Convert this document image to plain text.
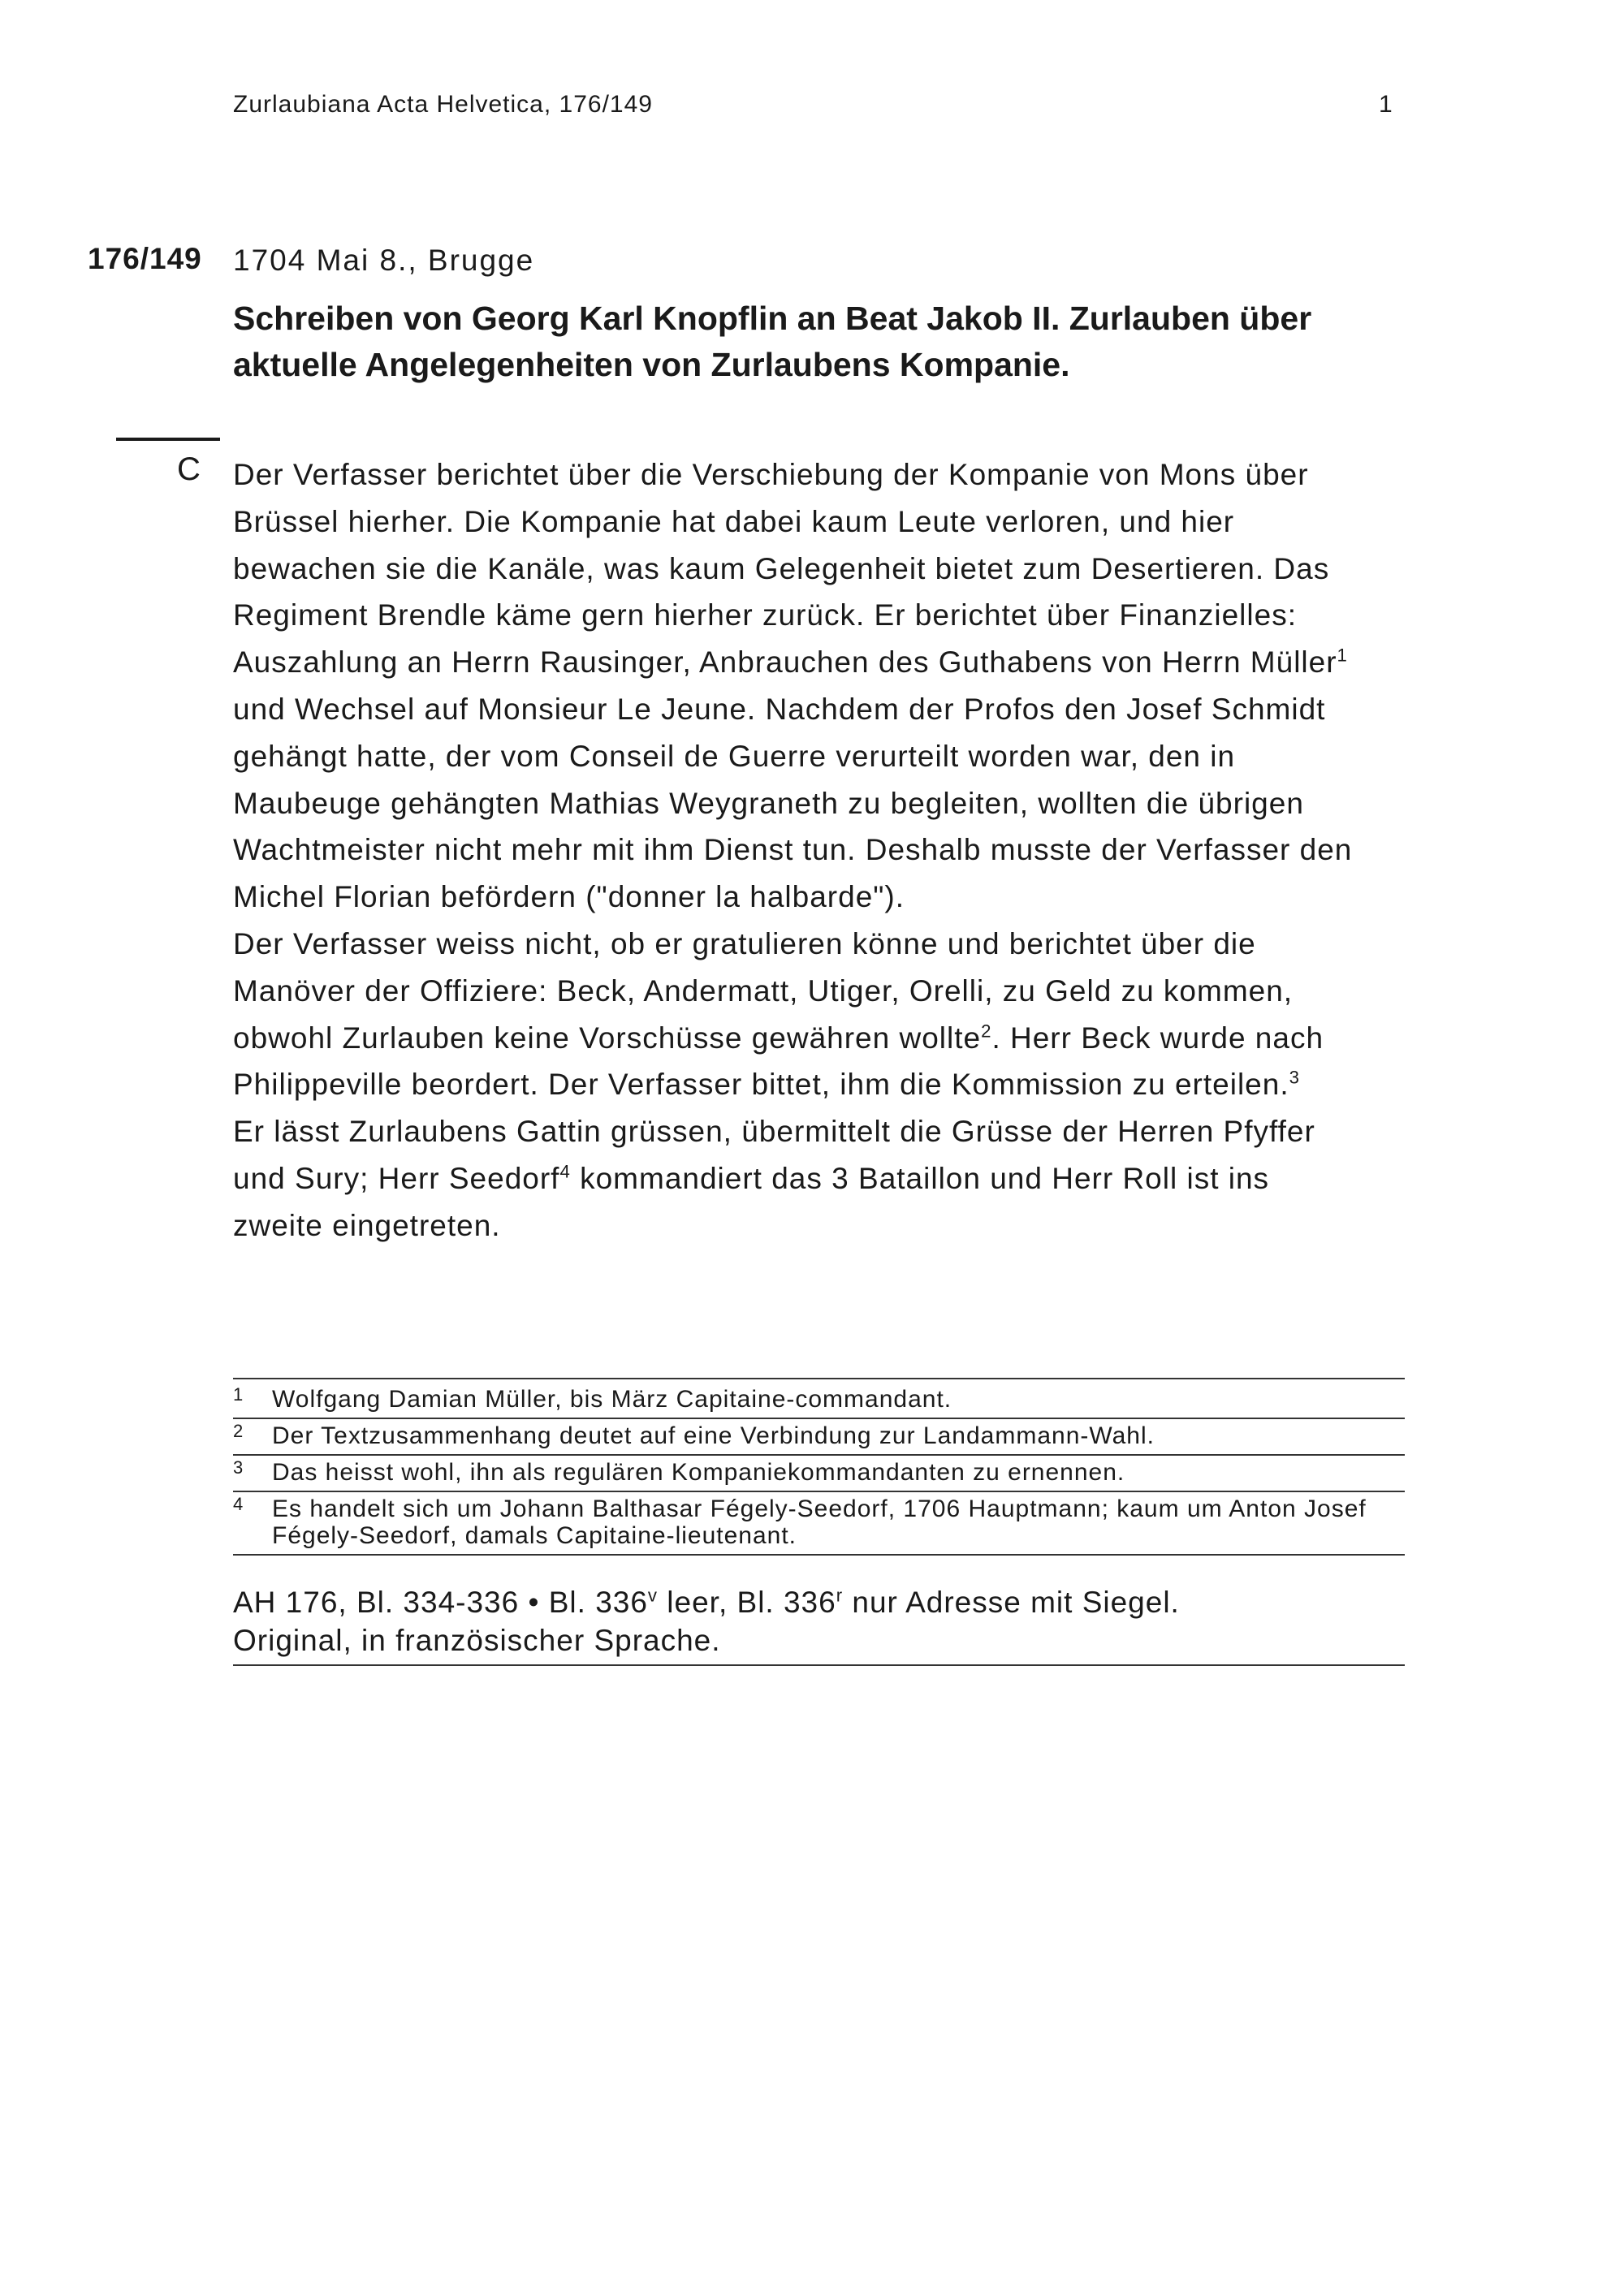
Zurlaubiana Acta Helvetica, 176/149	1
176/149 1704 Mai 8., Brugge
Schreiben von Georg Karl Knopflin an Beat Jakob II. Zurlauben über
aktuelle Angelegenheiten von Zurlaubens Kompanie.
C Der Verfasser berichtet über die Verschiebung der Kompanie von Mons über

Brüssel hierher. Die Kompanie hat dabei kaum Leute verloren, und hier

bewachen sie die Kanäle, was kaum Gelegenheit bietet zum Desertieren. Das

Regiment Brendle käme gern hierher zurück. Er berichtet über Finanzielles:

Auszahlung an Herrn Rausinger, Anbrauchen des Guthabens von Herrn Müller$^1$

und Wechsel auf Monsieur Le Jeune. Nachdem der Profos den Josef Schmidt

gehängt hatte, der vom Conseil de Guerre verurteilt worden war, den in

Maubeuge gehängten Mathias Weygraneth zu begleiten, wollten die übrigen

Wachtmeister nicht mehr mit ihm Dienst tun. Deshalb musste der Verfasser den

Michel Florian befördern ("donner la halbarde").

Der Verfasser weiss nicht, ob er gratulieren könne und berichtet über die

Manöver der Offiziere: Beck, Andermatt, Utiger, Orelli, zu Geld zu kommen,

obwohl Zurlauben keine Vorschüsse gewähren wollte$^2$. Herr Beck wurde nach

Philippeville beordert. Der Verfasser bittet, ihm die Kommission zu erteilen.$^3$

Er lässt Zurlaubens Gattin grüssen, übermittelt die Grüsse der Herren Pfyffer

und Sury; Herr Seedorf$^4$ kommandiert das 3 Bataillon und Herr Roll ist ins

zweite eingetreten.

1	Wolfgang Damian Müller, bis März Capitaine-commandant.
2	Der Textzusammenhang deutet auf eine Verbindung zur Landammann-Wahl.
3	Das heisst wohl, ihn als regulären Kompaniekommandanten zu ernennen.
4	Es handelt sich um Johann Balthasar Fégely-Seedorf, 1706 Hauptmann; kaum um Anton Josef Fégely-Seedorf, damals Capitaine-lieutenant.

AH 176, Bl. 334-336 • Bl. 336$^v$ leer, Bl. 336$^r$ nur Adresse mit Siegel.

Original, in französischer Sprache.
